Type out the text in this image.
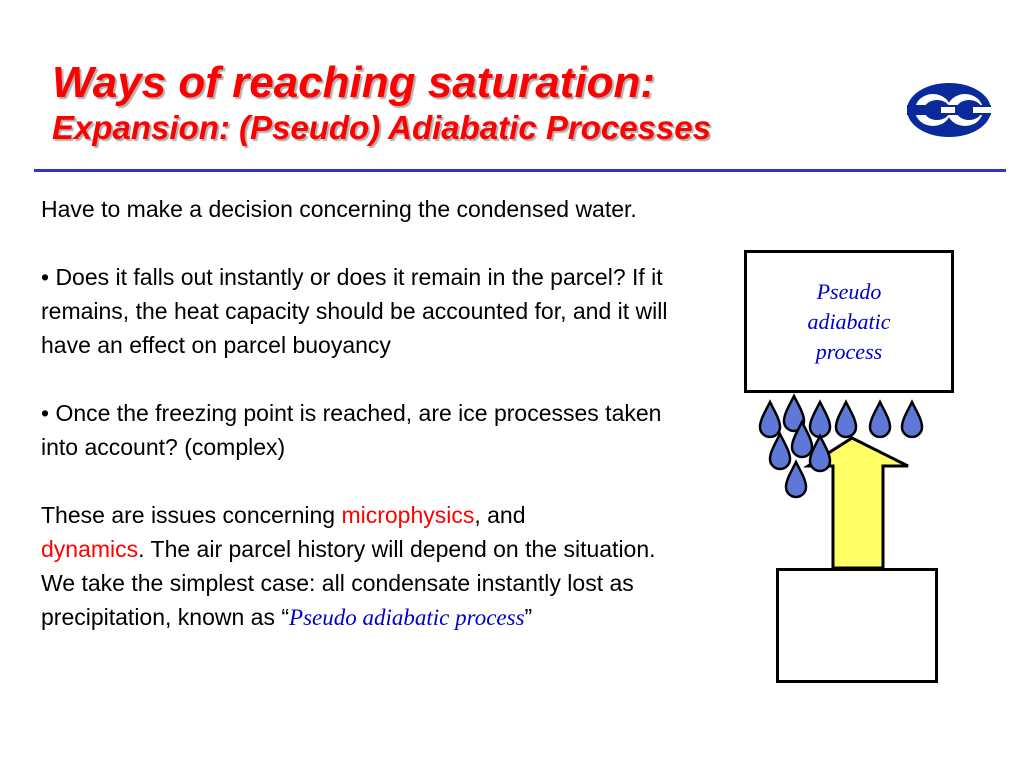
Ways of reaching saturation:
Expansion: (Pseudo) Adiabatic Processes

Have to make a decision concerning the condensed water.

• Does it falls out instantly or does it remain in the parcel? If it remains, the heat capacity should be accounted for, and it will have an effect on parcel buoyancy

• Once the freezing point is reached, are ice processes taken into account? (complex)

These are issues concerning microphysics, and
dynamics. The air parcel history will depend on the situation. We take the simplest case: all condensate instantly lost as precipitation, known as “Pseudo adiabatic process”

Pseudo adiabatic process
